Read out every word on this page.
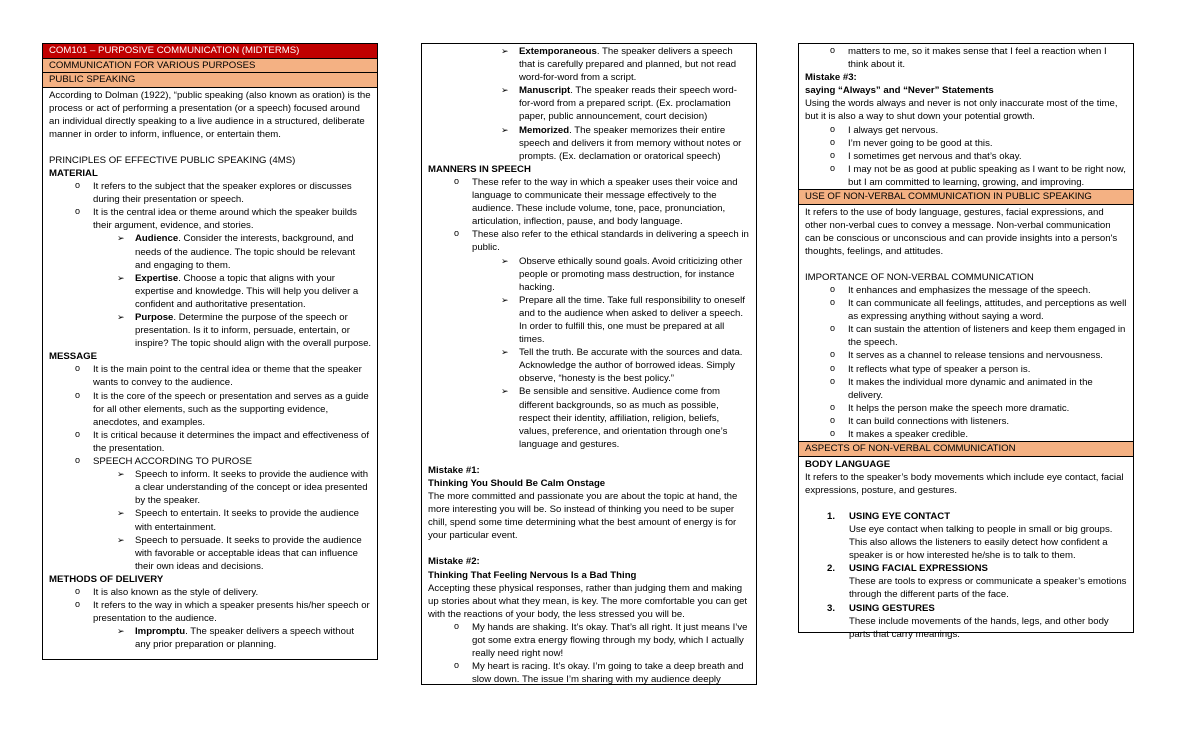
COM101 – PURPOSIVE COMMUNICATION (MIDTERMS)
COMMUNICATION FOR VARIOUS PURPOSES
PUBLIC SPEAKING

According to Dolman (1922), “public speaking (also known as oration) is the process or act of performing a presentation (or a speech) focused around an individual directly speaking to a live audience in a structured, deliberate manner in order to inform, influence, or entertain them.

PRINCIPLES OF EFFECTIVE PUBLIC SPEAKING (4MS)

MATERIAL

o It refers to the subject that the speaker explores or discusses during their presentation or speech.

o It is the central idea or theme around which the speaker builds their argument, evidence, and stories.

➢ Audience. Consider the interests, background, and needs of the audience. The topic should be relevant and engaging to them.

➢ Expertise. Choose a topic that aligns with your expertise and knowledge. This will help you deliver a confident and authoritative presentation.

➢ Purpose. Determine the purpose of the speech or presentation. Is it to inform, persuade, entertain, or inspire? The topic should align with the overall purpose.

MESSAGE

o It is the main point to the central idea or theme that the speaker wants to convey to the audience.

o It is the core of the speech or presentation and serves as a guide for all other elements, such as the supporting evidence, anecdotes, and examples.

o It is critical because it determines the impact and effectiveness of the presentation.

o SPEECH ACCORDING TO PUROSE

➢ Speech to inform. It seeks to provide the audience with a clear understanding of the concept or idea presented by the speaker.

➢ Speech to entertain. It seeks to provide the audience with entertainment.

➢ Speech to persuade. It seeks to provide the audience with favorable or acceptable ideas that can influence their own ideas and decisions.

METHODS OF DELIVERY

o It is also known as the style of delivery.

o It refers to the way in which a speaker presents his/her speech or presentation to the audience.

➢ Impromptu. The speaker delivers a speech without any prior preparation or planning.

➢ Extemporaneous. The speaker delivers a speech that is carefully prepared and planned, but not read word-for-word from a script.

➢ Manuscript. The speaker reads their speech word-for-word from a prepared script. (Ex. proclamation paper, public announcement, court decision)

➢ Memorized. The speaker memorizes their entire speech and delivers it from memory without notes or prompts. (Ex. declamation or oratorical speech)

MANNERS IN SPEECH

o These refer to the way in which a speaker uses their voice and language to communicate their message effectively to the audience. These include volume, tone, pace, pronunciation, articulation, inflection, pause, and body language.

o These also refer to the ethical standards in delivering a speech in public.

➢ Observe ethically sound goals. Avoid criticizing other people or promoting mass destruction, for instance hacking.

➢ Prepare all the time. Take full responsibility to oneself and to the audience when asked to deliver a speech. In order to fulfill this, one must be prepared at all times.

➢ Tell the truth. Be accurate with the sources and data. Acknowledge the author of borrowed ideas. Simply observe, “honesty is the best policy.”

➢ Be sensible and sensitive. Audience come from different backgrounds, so as much as possible, respect their identity, affiliation, religion, beliefs, values, preference, and orientation through one’s language and gestures.

Mistake #1:

Thinking You Should Be Calm Onstage

The more committed and passionate you are about the topic at hand, the more interesting you will be. So instead of thinking you need to be super chill, spend some time determining what the best amount of energy is for your particular event.

Mistake #2:

Thinking That Feeling Nervous Is a Bad Thing

Accepting these physical responses, rather than judging them and making up stories about what they mean, is key. The more comfortable you can get with the reactions of your body, the less stressed you will be.

o My hands are shaking. It’s okay. That’s all right. It just means I’ve got some extra energy flowing through my body, which I actually really need right now!

o My heart is racing. It’s okay. I’m going to take a deep breath and slow down. The issue I’m sharing with my audience deeply

o matters to me, so it makes sense that I feel a reaction when I think about it.

Mistake #3:

saying “Always” and “Never” Statements

Using the words always and never is not only inaccurate most of the time, but it is also a way to shut down your potential growth.

o I always get nervous.

o I’m never going to be good at this.

o I sometimes get nervous and that’s okay.

o I may not be as good at public speaking as I want to be right now, but I am committed to learning, growing, and improving.

USE OF NON-VERBAL COMMUNICATION IN PUBLIC SPEAKING

It refers to the use of body language, gestures, facial expressions, and other non-verbal cues to convey a message. Non-verbal communication can be conscious or unconscious and can provide insights into a person's thoughts, feelings, and attitudes.

IMPORTANCE OF NON-VERBAL COMMUNICATION

o It enhances and emphasizes the message of the speech.

o It can communicate all feelings, attitudes, and perceptions as well as expressing anything without saying a word.

o It can sustain the attention of listeners and keep them engaged in the speech.

o It serves as a channel to release tensions and nervousness.

o It reflects what type of speaker a person is.

o It makes the individual more dynamic and animated in the delivery.

o It helps the person make the speech more dramatic.

o It can build connections with listeners.

o It makes a speaker credible.

ASPECTS OF NON-VERBAL COMMUNICATION

BODY LANGUAGE

It refers to the speaker’s body movements which include eye contact, facial expressions, posture, and gestures.

1. USING EYE CONTACT

Use eye contact when talking to people in small or big groups. This also allows the listeners to easily detect how confident a speaker is or how interested he/she is to talk to them.

2. USING FACIAL EXPRESSIONS

These are tools to express or communicate a speaker’s emotions through the different parts of the face.

3. USING GESTURES

These include movements of the hands, legs, and other body parts that carry meanings.
